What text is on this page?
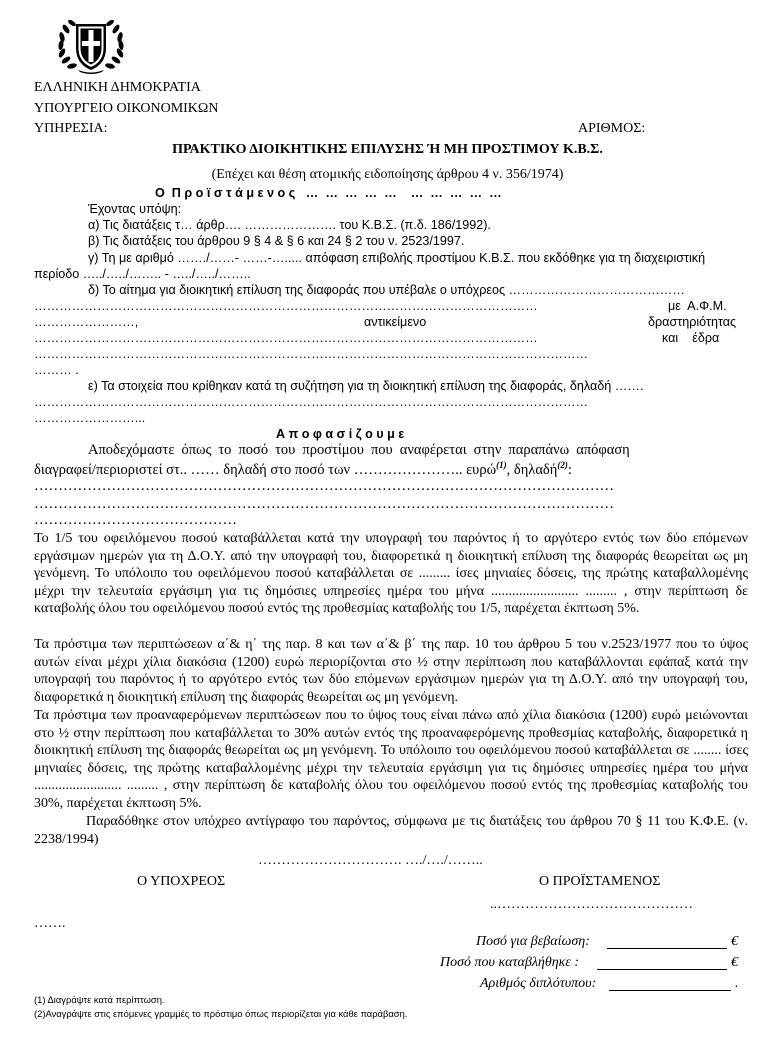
ΕΛΛΗΝΙΚΗ ΔΗΜΟΚΡΑΤΙΑ
ΥΠΟΥΡΓΕΙΟ ΟΙΚΟΝΟΜΙΚΩΝ
ΥΠΗΡΕΣΙΑ:	ΑΡΙΘΜΟΣ:
ΠΡΑΚΤΙΚΟ ΔΙΟΙΚΗΤΙΚΗΣ ΕΠΙΛΥΣΗΣ Ή ΜΗ ΠΡΟΣΤΙΜΟΥ Κ.Β.Σ.
(Επέχει και θέση ατομικής ειδοποίησης άρθρου 4 ν. 356/1974)
Ο  Π ρ ο ϊ σ τ ά μ ε ν ο ς   …  …  …  …  …    …  …  …  …  …
Έχοντας υπόψη:
α) Τις διατάξεις τ… άρθρ…. …………………. του Κ.Β.Σ. (π.δ. 186/1992).
β) Τις διατάξεις του άρθρου 9 § 4 & § 6 και 24 § 2 του ν. 2523/1997.
γ) Τη με αριθμό ……./……- ……-…..... απόφαση επιβολής προστίμου Κ.Β.Σ. που εκδόθηκε για τη διαχειριστική
περίοδο …../…../…….. - …../…../……..
δ) Το αίτημα για διοικητική επίλυση της διαφοράς που υπέβαλε ο υπόχρεος ……………………………………
…………………………………………………………………………………………………………	με  Α.Φ.Μ.
……………………,	αντικείμενο	δραστηριότητας
…………………………………………………………………………………………………………	και    έδρα
……………………………………………………………………………………………………………………
……… .
ε) Τα στοιχεία που κρίθηκαν κατά τη συζήτηση για τη διοικητική επίλυση της διαφοράς, δηλαδή …….
……………………………………………………………………………………………………………………
……………………...
Α π ο φ α σ ί ζ ο υ μ ε
Αποδεχόμαστε όπως το ποσό του προστίμου που αναφέρεται στην παραπάνω απόφαση
διαγραφεί/περιοριστεί στ.. …… δηλαδή στο ποσό των ………………….. ευρώ$^{(1)}$, δηλαδή$^{(2)}$:
…………………………………………………………………………………………………………
…………………………………………………………………………………………………………
……………………………………
Το 1/5 του οφειλόμενου ποσού καταβάλλεται κατά την υπογραφή του παρόντος ή το αργότερο εντός των δύο επόμενων εργάσιμων ημερών για τη Δ.Ο.Υ. από την υπογραφή του, διαφορετικά η διοικητική επίλυση της διαφοράς θεωρείται ως μη γενόμενη. Το υπόλοιπο του οφειλόμενου ποσού καταβάλλεται σε ......... ίσες μηνιαίες δόσεις, της πρώτης καταβαλλομένης μέχρι την τελευταία εργάσιμη για τις δημόσιες υπηρεσίες ημέρα του μήνα ......................... ......... , στην περίπτωση δε καταβολής όλου του οφειλόμενου ποσού εντός της προθεσμίας καταβολής του 1/5, παρέχεται έκπτωση 5%.
Τα πρόστιμα των περιπτώσεων α΄& η΄ της παρ. 8 και των α΄& β΄ της παρ. 10 του άρθρου 5 του ν.2523/1977 που το ύψος αυτών είναι μέχρι χίλια διακόσια (1200) ευρώ περιορίζονται στο ½ στην περίπτωση που καταβάλλονται εφάπαξ κατά την υπογραφή του παρόντος ή το αργότερο εντός των δύο επόμενων εργάσιμων ημερών για τη Δ.Ο.Υ. από την υπογραφή του, διαφορετικά η διοικητική επίλυση της διαφοράς θεωρείται ως μη γενόμενη.
Τα πρόστιμα των προαναφερόμενων περιπτώσεων που το ύψος τους είναι πάνω από χίλια διακόσια (1200) ευρώ μειώνονται στο ½ στην περίπτωση που καταβάλλεται το 30% αυτών εντός της προαναφερόμενης προθεσμίας καταβολής, διαφορετικά η διοικητική επίλυση της διαφοράς θεωρείται ως μη γενόμενη. Το υπόλοιπο του οφειλόμενου ποσού καταβάλλεται σε ........ ίσες μηνιαίες δόσεις, της πρώτης καταβαλλομένης μέχρι την τελευταία εργάσιμη για τις δημόσιες υπηρεσίες ημέρα του μήνα ......................... ......... , στην περίπτωση δε καταβολής όλου του οφειλόμενου ποσού εντός της προθεσμίας καταβολής του 30%, παρέχεται έκπτωση 5%.
Παραδόθηκε στον υπόχρεο αντίγραφο του παρόντος, σύμφωνα με τις διατάξεις του άρθρου 70 § 11 του Κ.Φ.Ε. (ν. 2238/1994)
…………………………. …./…./……..
Ο ΥΠΟΧΡΕΟΣ	Ο ΠΡΟΪΣΤΑΜΕΝΟΣ
..……………………………………
…….
Ποσό για βεβαίωση:	€
Ποσό που καταβλήθηκε :	€
Αριθμός διπλότυπου:	.
(1) Διαγράψτε κατά περίπτωση.
(2)Αναγράψτε στις επόμενες γραμμές το πρόστιμο όπως περιορίζεται για κάθε παράβαση.
